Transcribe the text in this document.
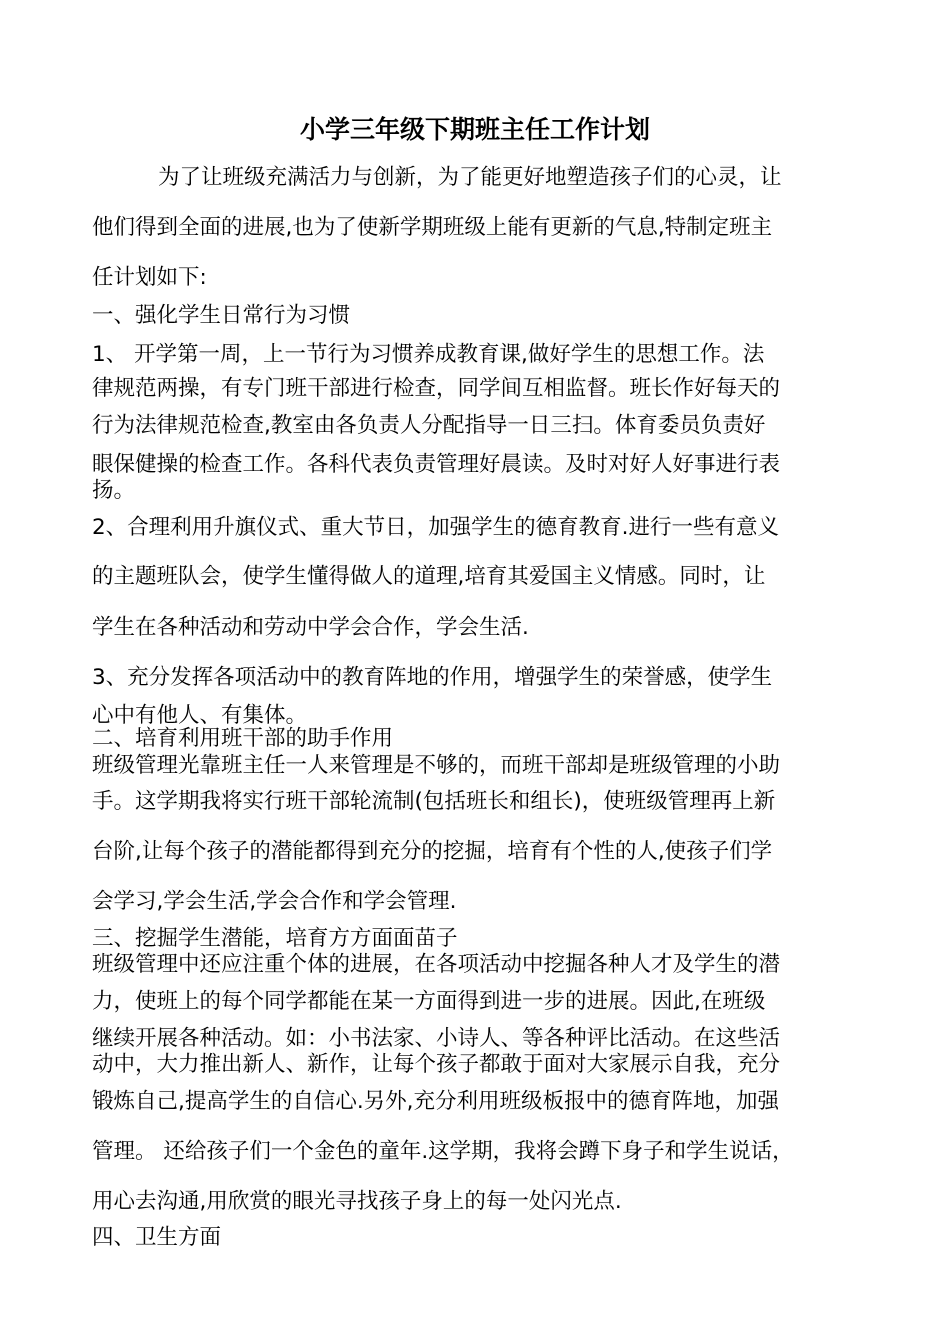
小学三年级下期班主任工作计划
为了让班级充满活力与创新，为了能更好地塑造孩子们的心灵，让
他们得到全面的进展,也为了使新学期班级上能有更新的气息,特制定班主
任计划如下:
一、强化学生日常行为习惯
1、 开学第一周，上一节行为习惯养成教育课,做好学生的思想工作。法
律规范两操，有专门班干部进行检查，同学间互相监督。班长作好每天的
行为法律规范检查,教室由各负责人分配指导一日三扫。体育委员负责好
眼保健操的检查工作。各科代表负责管理好晨读。及时对好人好事进行表
扬。
2、合理利用升旗仪式、重大节日，加强学生的德育教育.进行一些有意义
的主题班队会，使学生懂得做人的道理,培育其爱国主义情感。同时，让
学生在各种活动和劳动中学会合作，学会生活.
3、充分发挥各项活动中的教育阵地的作用，增强学生的荣誉感，使学生
心中有他人、有集体。
二、培育利用班干部的助手作用
班级管理光靠班主任一人来管理是不够的，而班干部却是班级管理的小助
手。这学期我将实行班干部轮流制(包括班长和组长)，使班级管理再上新
台阶,让每个孩子的潜能都得到充分的挖掘，培育有个性的人,使孩子们学
会学习,学会生活,学会合作和学会管理.
三、挖掘学生潜能，培育方方面面苗子
班级管理中还应注重个体的进展，在各项活动中挖掘各种人才及学生的潜
力，使班上的每个同学都能在某一方面得到进一步的进展。因此,在班级
继续开展各种活动。如：小书法家、小诗人、等各种评比活动。在这些活
动中，大力推出新人、新作，让每个孩子都敢于面对大家展示自我，充分
锻炼自己,提高学生的自信心.另外,充分利用班级板报中的德育阵地，加强
管理。 还给孩子们一个金色的童年.这学期，我将会蹲下身子和学生说话，
用心去沟通,用欣赏的眼光寻找孩子身上的每一处闪光点.
四、卫生方面
